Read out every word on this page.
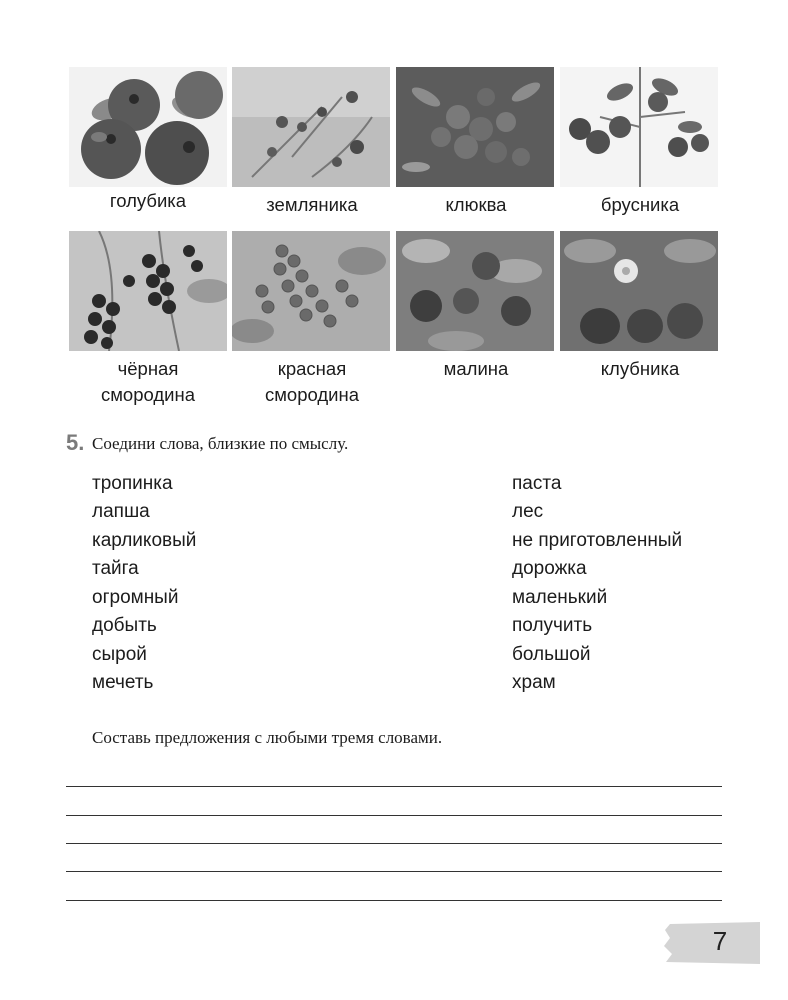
голубика	земляника	клюква	брусника
чёрная
смородина
красная
смородина
малина	клубника
5. Соедини слова, близкие по смыслу.
тропинка
лапша
карликовый
тайга
огромный
добыть
сырой
мечеть
паста
лес
не приготовленный
дорожка
маленький
получить
большой
храм
Составь предложения с любыми тремя словами.
7
